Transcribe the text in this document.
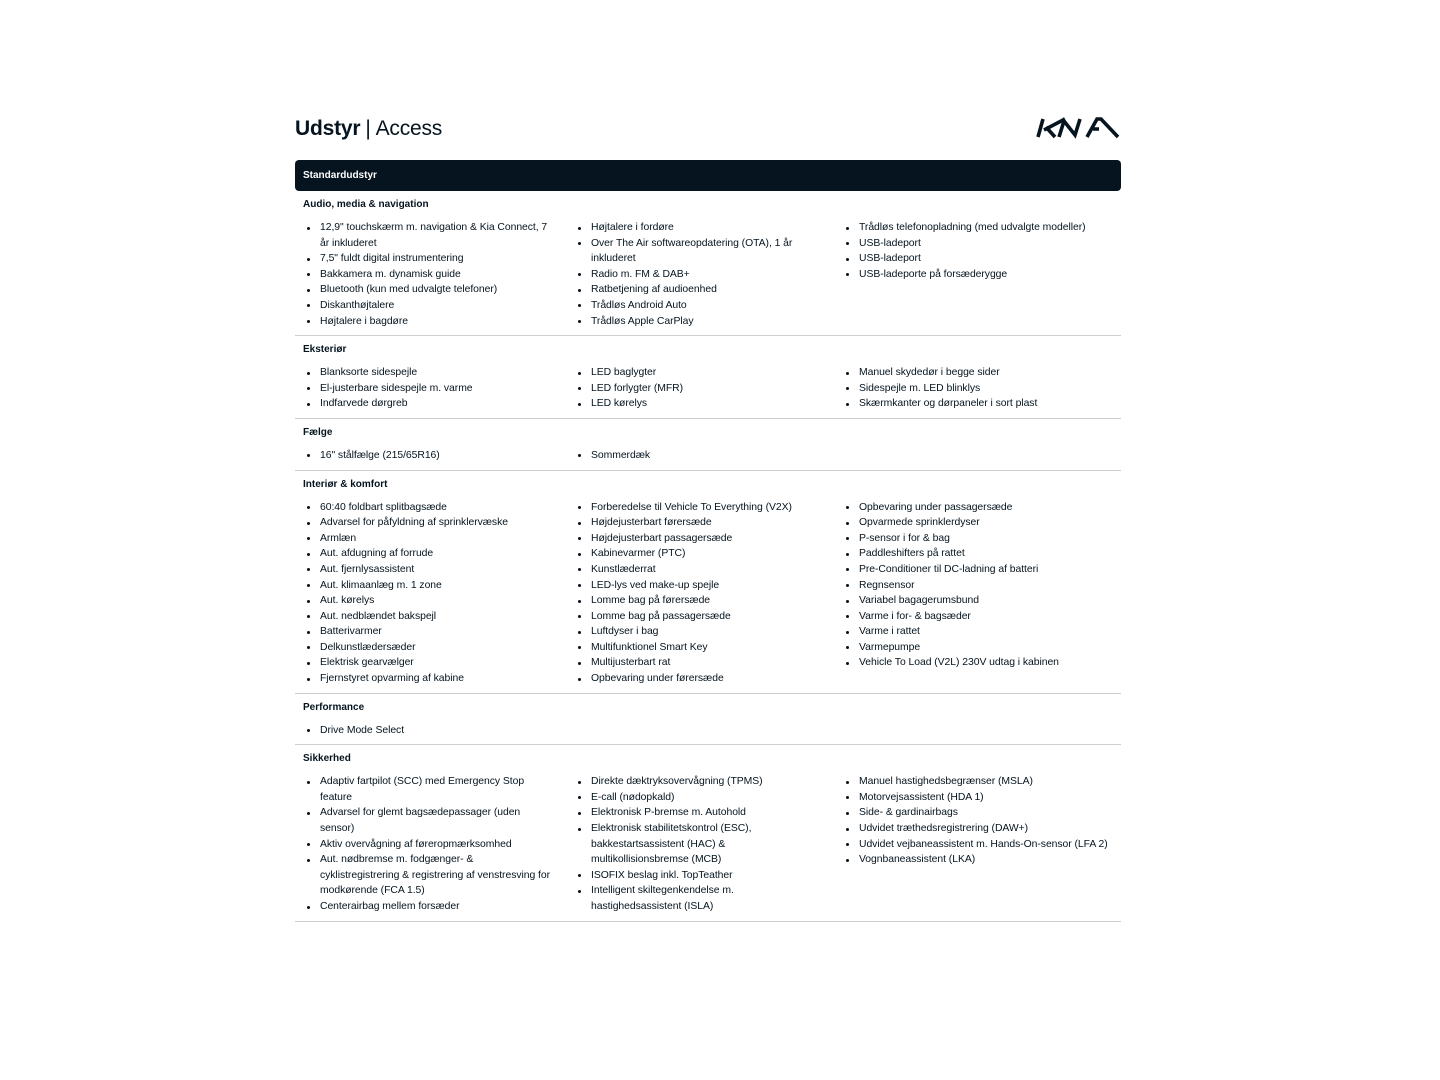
Udstyr | Access
Standardudstyr
Audio, media & navigation
12,9" touchskærm m. navigation & Kia Connect, 7 år inkluderet
7,5" fuldt digital instrumentering
Bakkamera m. dynamisk guide
Bluetooth (kun med udvalgte telefoner)
Diskanthøjtalere
Højtalere i bagdøre
Højtalere i fordøre
Over The Air softwareopdatering (OTA), 1 år inkluderet
Radio m. FM & DAB+
Ratbetjening af audioenhed
Trådløs Android Auto
Trådløs Apple CarPlay
Trådløs telefonopladning (med udvalgte modeller)
USB-ladeport
USB-ladeport
USB-ladeporte på forsæderygge
Eksteriør
Blanksorte sidespejle
El-justerbare sidespejle m. varme
Indfarvede dørgreb
LED baglygter
LED forlygter (MFR)
LED kørelys
Manuel skydedør i begge sider
Sidespejle m. LED blinklys
Skærmkanter og dørpaneler i sort plast
Fælge
16" stålfælge (215/65R16)	Sommerdæk
Interiør & komfort
60:40 foldbart splitbagsæde
Advarsel for påfyldning af sprinklervæske
Armlæn
Aut. afdugning af forrude
Aut. fjernlysassistent
Aut. klimaanlæg m. 1 zone
Aut. kørelys
Aut. nedblændet bakspejl
Batterivarmer
Delkunstlædersæder
Elektrisk gearvælger
Fjernstyret opvarming af kabine
Forberedelse til Vehicle To Everything (V2X)
Højdejusterbart førersæde
Højdejusterbart passagersæde
Kabinevarmer (PTC)
Kunstlæderrat
LED-lys ved make-up spejle
Lomme bag på førersæde
Lomme bag på passagersæde
Luftdyser i bag
Multifunktionel Smart Key
Multijusterbart rat
Opbevaring under førersæde
Opbevaring under passagersæde
Opvarmede sprinklerdyser
P-sensor i for & bag
Paddleshifters på rattet
Pre-Conditioner til DC-ladning af batteri
Regnsensor
Variabel bagagerumsbund
Varme i for- & bagsæder
Varme i rattet
Varmepumpe
Vehicle To Load (V2L) 230V udtag i kabinen
Performance
Drive Mode Select
Sikkerhed
Adaptiv fartpilot (SCC) med Emergency Stop feature
Advarsel for glemt bagsædepassager (uden sensor)
Aktiv overvågning af føreropmærksomhed
Aut. nødbremse m. fodgænger- & cyklistregistrering & registrering af venstresving for modkørende (FCA 1.5)
Centerairbag mellem forsæder
Direkte dæktryksovervågning (TPMS)
E-call (nødopkald)
Elektronisk P-bremse m. Autohold
Elektronisk stabilitetskontrol (ESC), bakkestartsassistent (HAC) & multikollisionsbremse (MCB)
ISOFIX beslag inkl. TopTeather
Intelligent skiltegenkendelse m. hastighedsassistent (ISLA)
Manuel hastighedsbegrænser (MSLA)
Motorvejsassistent (HDA 1)
Side- & gardinairbags
Udvidet træthedsregistrering (DAW+)
Udvidet vejbaneassistent m. Hands-On-sensor (LFA 2)
Vognbaneassistent (LKA)
